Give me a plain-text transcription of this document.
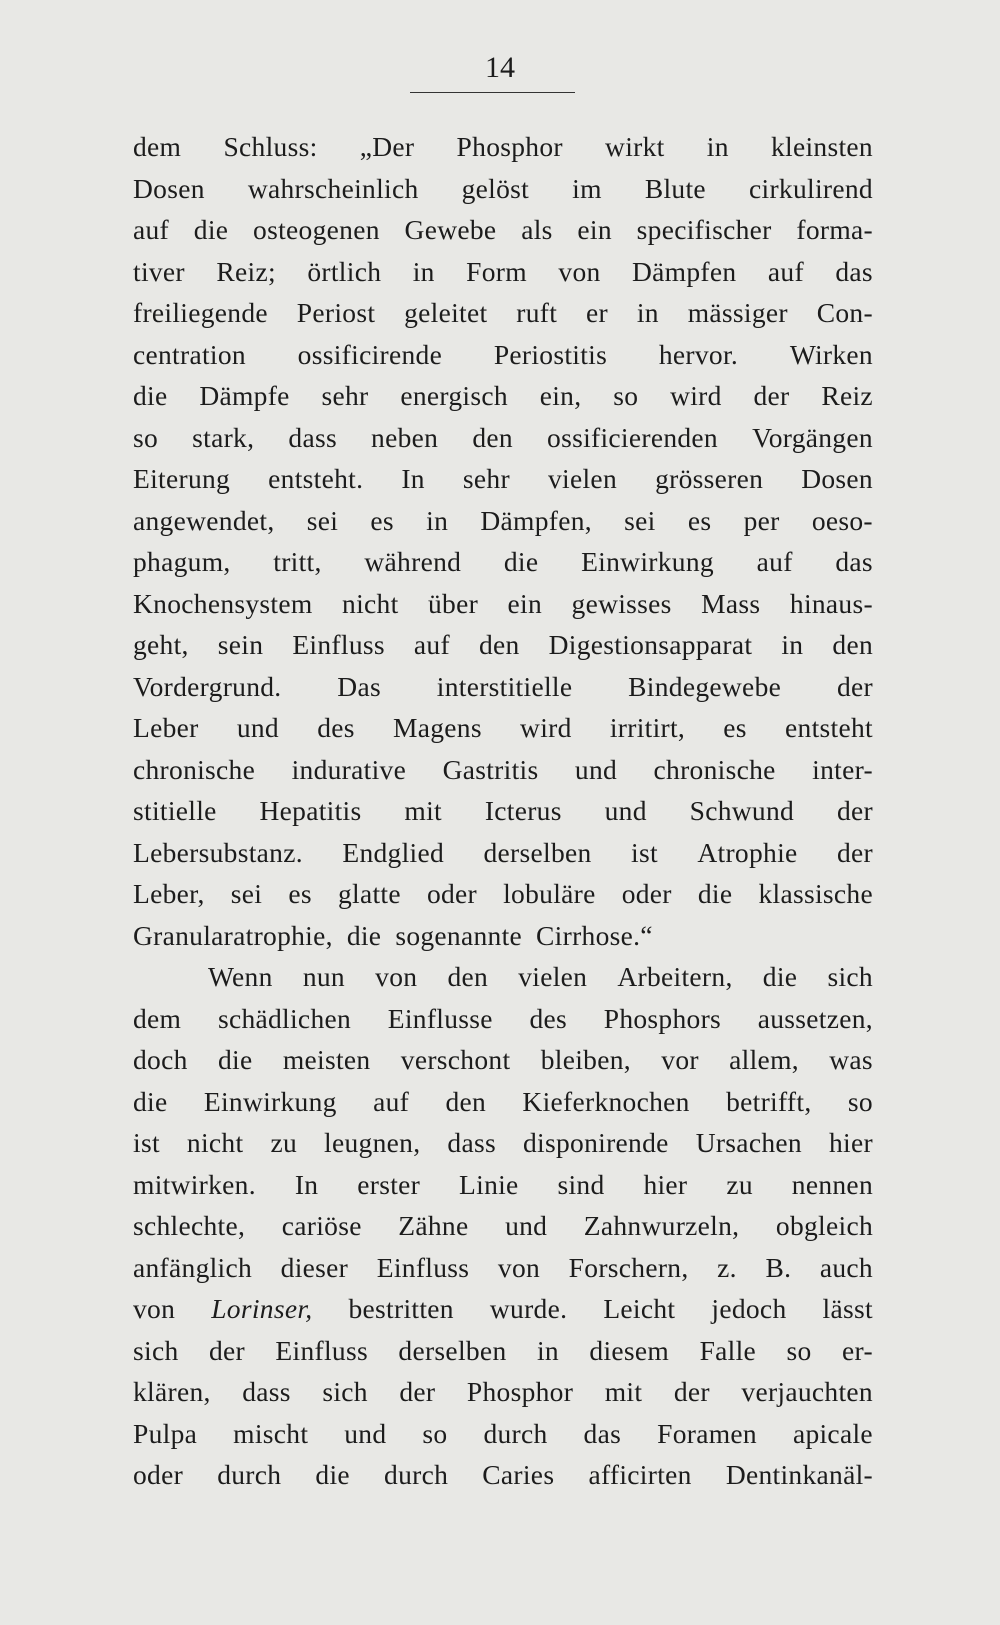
14
dem Schluss: „Der Phosphor wirkt in kleinsten
Dosen wahrscheinlich gelöst im Blute cirkulirend
auf die osteogenen Gewebe als ein specifischer forma-
tiver Reiz; örtlich in Form von Dämpfen auf das
freiliegende Periost geleitet ruft er in mässiger Con-
centration ossificirende Periostitis hervor. Wirken
die Dämpfe sehr energisch ein, so wird der Reiz
so stark, dass neben den ossificierenden Vorgängen
Eiterung entsteht. In sehr vielen grösseren Dosen
angewendet, sei es in Dämpfen, sei es per oeso-
phagum, tritt, während die Einwirkung auf das
Knochensystem nicht über ein gewisses Mass hinaus-
geht, sein Einfluss auf den Digestionsapparat in den
Vordergrund. Das interstitielle Bindegewebe der
Leber und des Magens wird irritirt, es entsteht
chronische indurative Gastritis und chronische inter-
stitielle Hepatitis mit Icterus und Schwund der
Lebersubstanz. Endglied derselben ist Atrophie der
Leber, sei es glatte oder lobuläre oder die klassische
Granularatrophie, die sogenannte Cirrhose.“
Wenn nun von den vielen Arbeitern, die sich
dem schädlichen Einflusse des Phosphors aussetzen,
doch die meisten verschont bleiben, vor allem, was
die Einwirkung auf den Kieferknochen betrifft, so
ist nicht zu leugnen, dass disponirende Ursachen hier
mitwirken. In erster Linie sind hier zu nennen
schlechte, cariöse Zähne und Zahnwurzeln, obgleich
anfänglich dieser Einfluss von Forschern, z. B. auch
von Lorinser, bestritten wurde. Leicht jedoch lässt
sich der Einfluss derselben in diesem Falle so er-
klären, dass sich der Phosphor mit der verjauchten
Pulpa mischt und so durch das Foramen apicale
oder durch die durch Caries afficirten Dentinkanäl-
